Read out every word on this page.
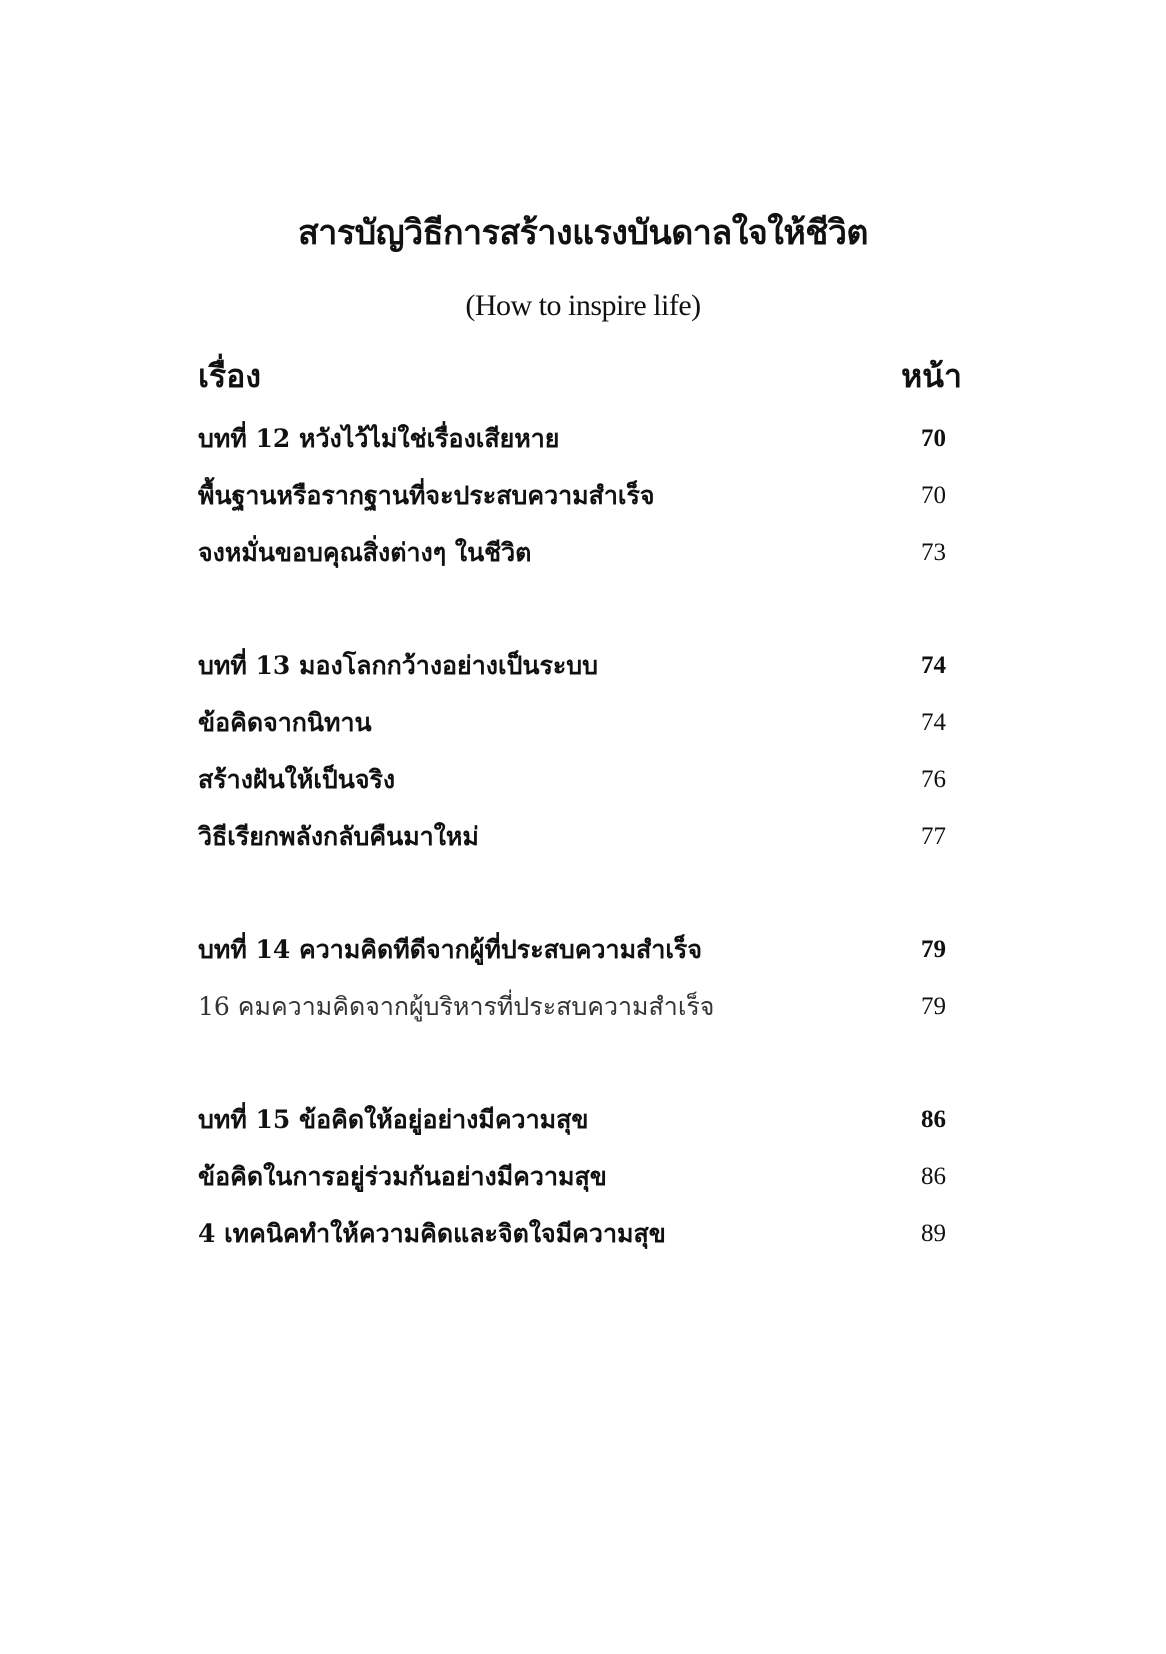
สารบัญวิธีการสร้างแรงบันดาลใจให้ชีวิต
(How to inspire life)
เรื่อง	หน้า
บทที่ 12 หวังไว้ไม่ใช่เรื่องเสียหาย	70
พื้นฐานหรือรากฐานที่จะประสบความสำเร็จ	70
จงหมั่นขอบคุณสิ่งต่างๆ ในชีวิต	73
บทที่ 13 มองโลกกว้างอย่างเป็นระบบ	74
ข้อคิดจากนิทาน	74
สร้างฝันให้เป็นจริง	76
วิธีเรียกพลังกลับคืนมาใหม่	77
บทที่ 14 ความคิดทีดีจากผู้ที่ประสบความสำเร็จ	79
16 คมความคิดจากผู้บริหารที่ประสบความสำเร็จ	79
บทที่ 15 ข้อคิดให้อยู่อย่างมีความสุข	86
ข้อคิดในการอยู่ร่วมกันอย่างมีความสุข	86
4 เทคนิคทำให้ความคิดและจิตใจมีความสุข	89
